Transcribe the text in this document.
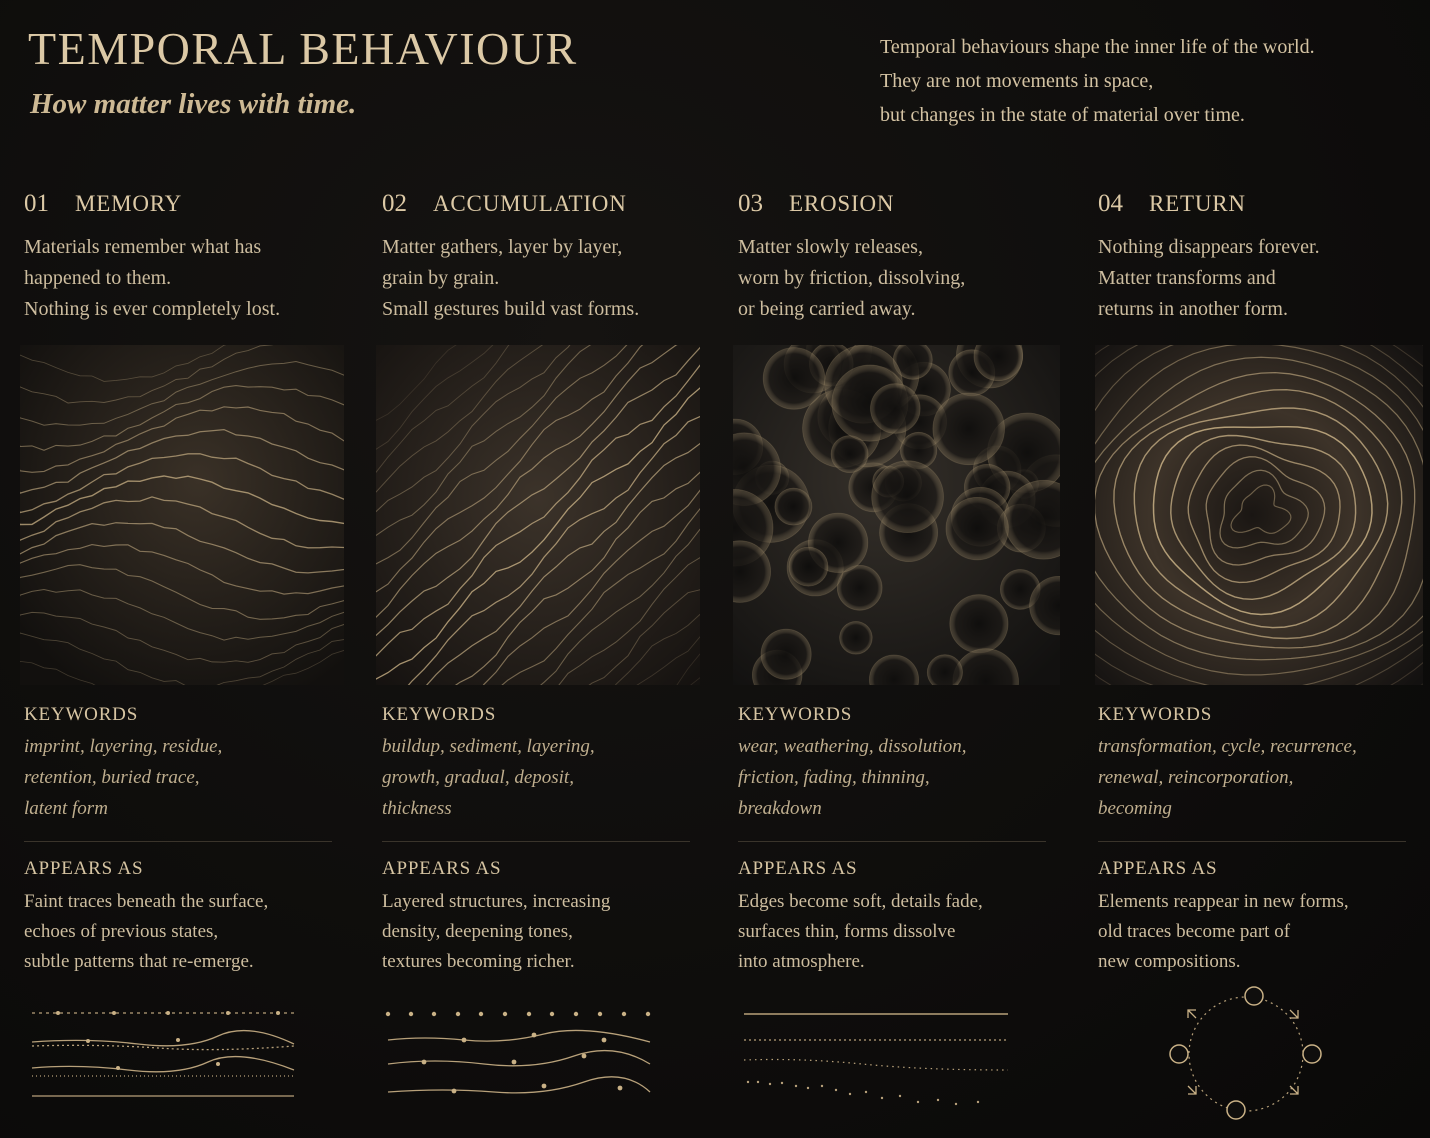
TEMPORAL BEHAVIOUR
How matter lives with time.
Temporal behaviours shape the inner life of the world.
They are not movements in space,
but changes in the state of material over time.
01 MEMORY
Materials remember what has
happened to them.
Nothing is ever completely lost.
KEYWORDS
imprint, layering, residue,
retention, buried trace,
latent form
APPEARS AS
Faint traces beneath the surface,
echoes of previous states,
subtle patterns that re-emerge.
02 ACCUMULATION
Matter gathers, layer by layer,
grain by grain.
Small gestures build vast forms.
KEYWORDS
buildup, sediment, layering,
growth, gradual, deposit,
thickness
APPEARS AS
Layered structures, increasing
density, deepening tones,
textures becoming richer.
03 EROSION
Matter slowly releases,
worn by friction, dissolving,
or being carried away.
KEYWORDS
wear, weathering, dissolution,
friction, fading, thinning,
breakdown
APPEARS AS
Edges become soft, details fade,
surfaces thin, forms dissolve
into atmosphere.
04 RETURN
Nothing disappears forever.
Matter transforms and
returns in another form.
KEYWORDS
transformation, cycle, recurrence,
renewal, reincorporation,
becoming
APPEARS AS
Elements reappear in new forms,
old traces become part of
new compositions.
